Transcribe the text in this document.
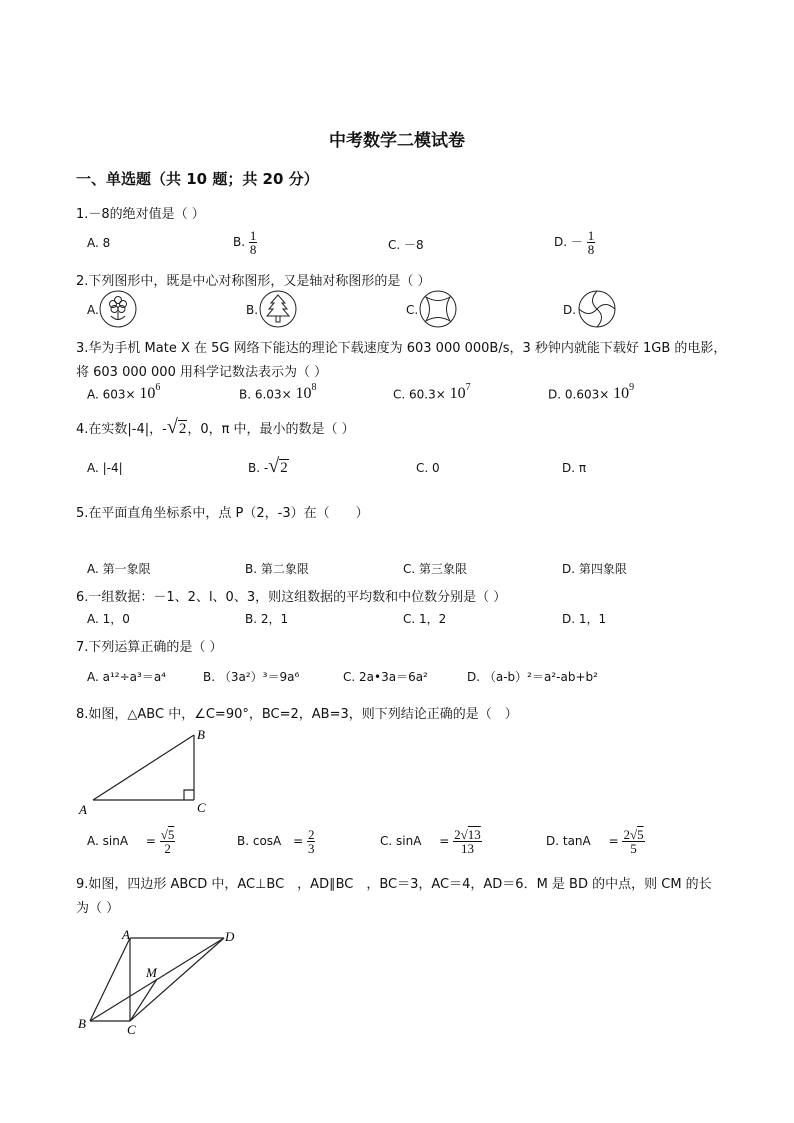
中考数学二模试卷
一、单选题（共 10 题；共 20 分）
1.－8的绝对值是（ ）
A. 8	B. $\frac{1}{8}$	C. －8	D. － $\frac{1}{8}$
2.下列图形中，既是中心对称图形，又是轴对称图形的是（ ）
A.	B.	C.	D.
3.华为手机 Mate X 在 5G 网络下能达的理论下载速度为 603 000 000B/s，3 秒钟内就能下载好 1GB 的电影，
将 603 000 000 用科学记数法表示为（ ）
A. $603\times 10^6$	B. $6.03\times 10^8$	C. $60.3\times 10^7$	D. $0.603\times 10^9$
4.在实数|-4|，-√2，0，π 中，最小的数是（ ）
A. |-4|	B. -√2	C. 0	D. π
5.在平面直角坐标系中，点 P（2，-3）在（　　）
A. 第一象限	B. 第二象限	C. 第三象限	D. 第四象限
6.一组数据：－1、2、l、0、3，则这组数据的平均数和中位数分别是（ ）
A. 1，0	B. 2，1	C. 1，2	D. 1，1
7.下列运算正确的是（ ）
A. a¹²÷a³＝a⁴	B. （3a²）³＝9a⁶	C. 2a•3a＝6a²	D. （a-b）²＝a²-ab+b²
8.如图，△ABC 中，∠C=90°，BC=2，AB=3，则下列结论正确的是（　）
A
B
C
A. $\sin A = \frac{√5}{2}$	B. $\cos A = \frac{2}{3}$	C. $\sin A = \frac{2√13}{13}$	D. $\tan A = \frac{2√5}{5}$
9.如图，四边形 ABCD 中，AC⊥BC　，AD∥BC　，BC＝3，AC＝4，AD＝6．M 是 BD 的中点，则 CM 的长
为（ ）
A	D
M
B	C
